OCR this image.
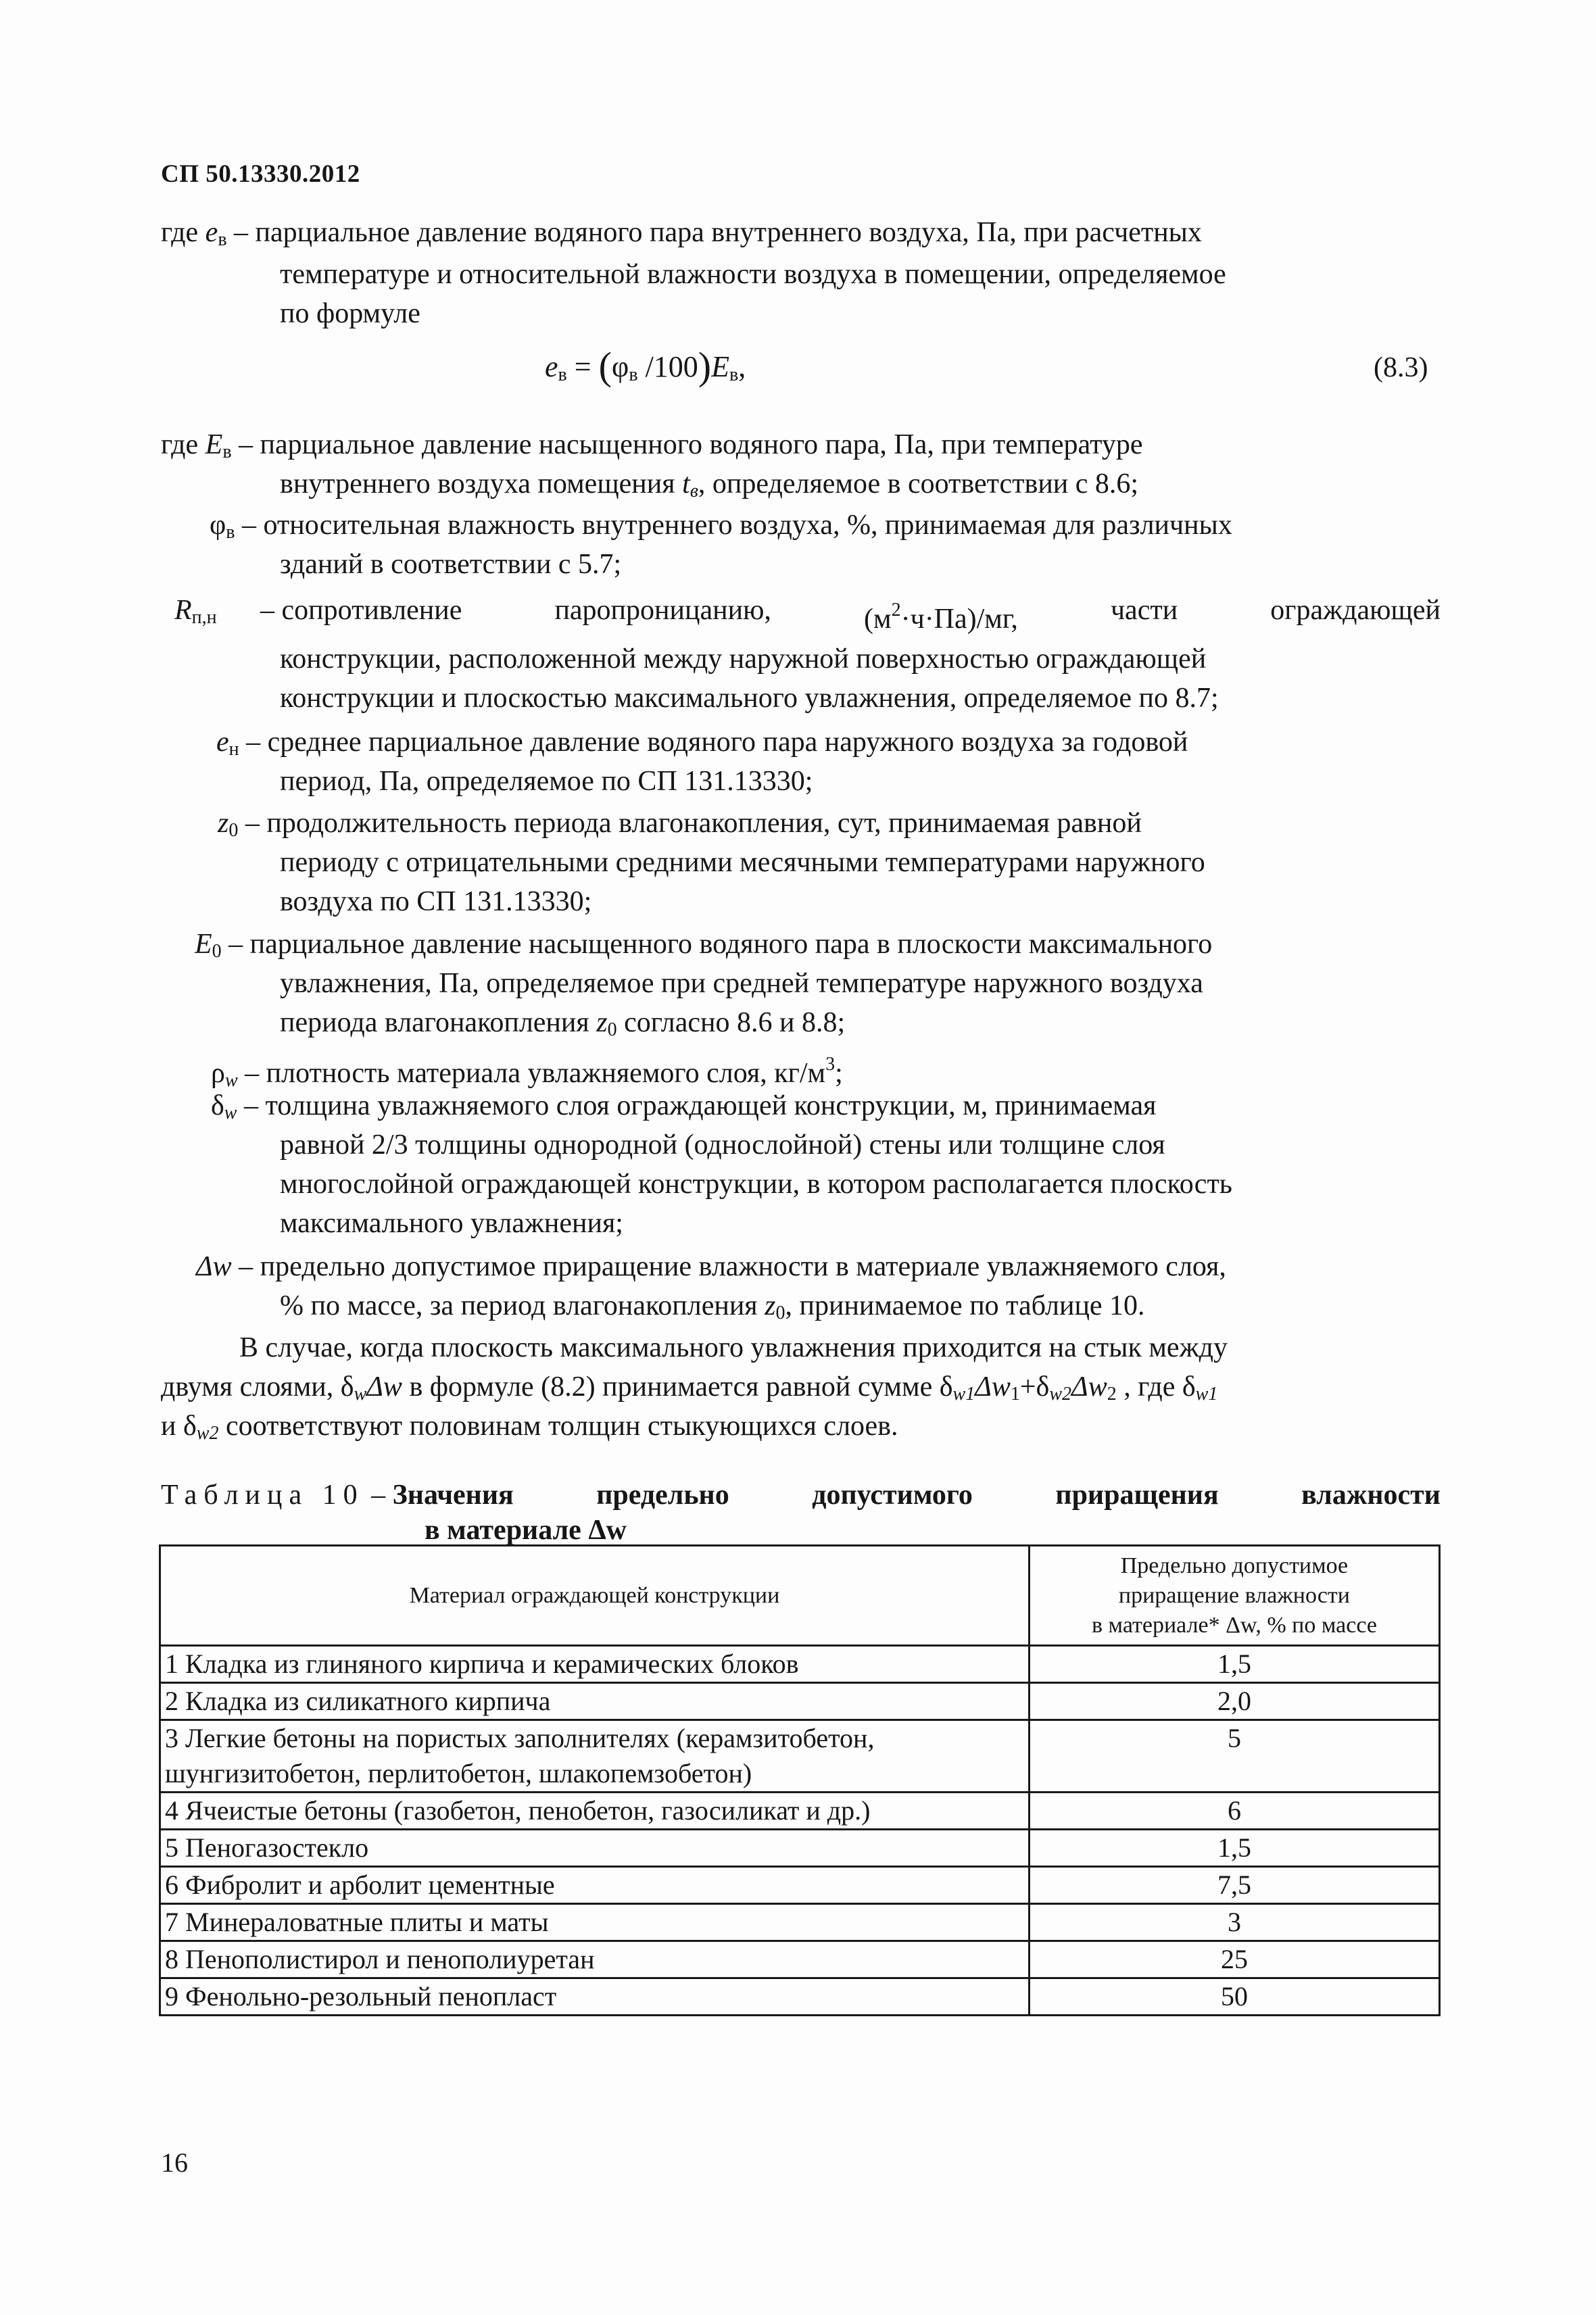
СП 50.13330.2012
где $e_в$ – парциальное давление водяного пара внутреннего воздуха, Па, при расчетных
температуре и относительной влажности воздуха в помещении, определяемое
по формуле
$e_в = (\varphi_в$ $/100)E_в$,	(8.3)
где $E_в$ – парциальное давление насыщенного водяного пара, Па, при температуре
внутреннего воздуха помещения tв, определяемое в соответствии с 8.6;
$\varphi_в$ – относительная влажность внутреннего воздуха, %, принимаемая для различных
зданий в соответствии с 5.7;
$R_{п,н}$ – сопротивление	паропроницанию,	$(м^2\cdot ч\cdot Па)/мг$,	части	ограждающей
конструкции, расположенной между наружной поверхностью ограждающей
конструкции и плоскостью максимального увлажнения, определяемое по 8.7;
$e_н$ – среднее парциальное давление водяного пара наружного воздуха за годовой
период, Па, определяемое по СП 131.13330;
$z_0$ – продолжительность периода влагонакопления, сут, принимаемая равной
периоду с отрицательными средними месячными температурами наружного
воздуха по СП 131.13330;
$E_0$ – парциальное давление насыщенного водяного пара в плоскости максимального
увлажнения, Па, определяемое при средней температуре наружного воздуха
периода влагонакопления $z_0$ согласно 8.6 и 8.8;
ρw – плотность материала увлажняемого слоя, $кг/м^3$;
δw – толщина увлажняемого слоя ограждающей конструкции, м, принимаемая
равной 2/3 толщины однородной (однослойной) стены или толщине слоя
многослойной ограждающей конструкции, в котором располагается плоскость
максимального увлажнения;
Δw – предельно допустимое приращение влажности в материале увлажняемого слоя,
% по массе, за период влагонакопления $z_0$, принимаемое по таблице 10.
В случае, когда плоскость максимального увлажнения приходится на стык между
двумя слоями, δwΔw в формуле (8.2) принимается равной сумме $\delta w1\Delta w_1+\delta w2\Delta w_2$ , где δw1
и δw2 соответствуют половинам толщин стыкующихся слоев.
Таблица 10 – Значения	предельно	допустимого	приращения	влажности
в материале Δw
Материал ограждающей конструкции	Предельно допустимое
приращение влажности
в материале* Δw, % по массе

1 Кладка из глиняного кирпича и керамических блоков	1,5

2 Кладка из силикатного кирпича	2,0

3 Легкие бетоны на пористых заполнителях (керамзитобетон,
шунгизитобетон, перлитобетон, шлакопемзобетон)	5

4 Ячеистые бетоны (газобетон, пенобетон, газосиликат и др.)	6

5 Пеногазостекло	1,5

6 Фибролит и арболит цементные	7,5

7 Минераловатные плиты и маты	3

8 Пенополистирол и пенополиуретан	25

9 Фенольно-резольный пенопласт	50
16
